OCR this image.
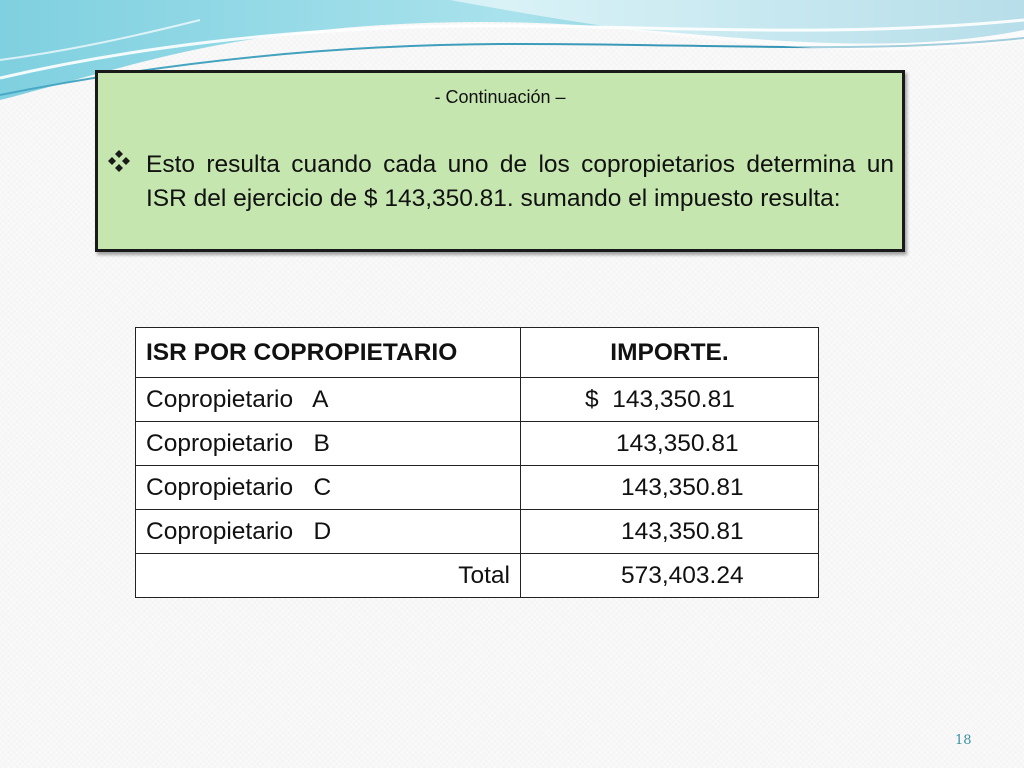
- Continuación –
Esto resulta cuando cada uno de los copropietarios determina un ISR del ejercicio de $ 143,350.81. sumando el impuesto resulta:
ISR POR COPROPIETARIO	IMPORTE.
Copropietario   A	$  143,350.81
Copropietario   B	143,350.81
Copropietario   C	143,350.81
Copropietario   D	143,350.81
Total	573,403.24
18
